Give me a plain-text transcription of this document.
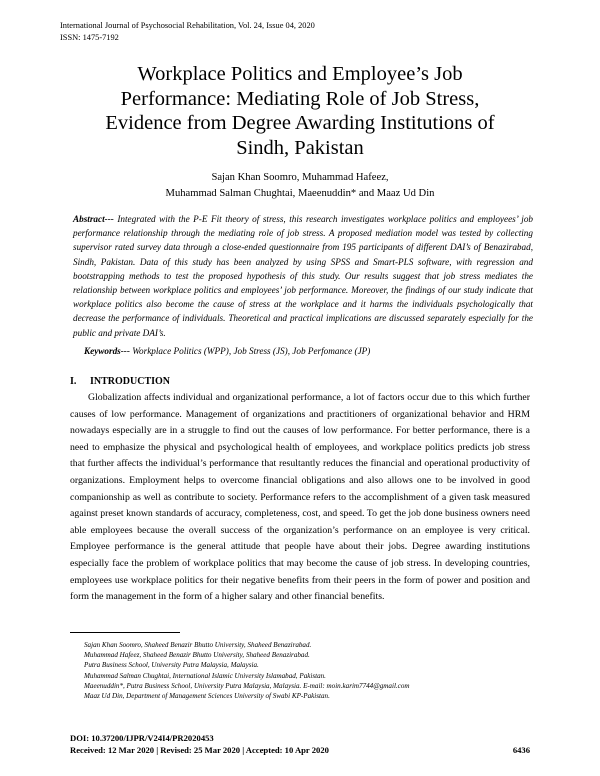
International Journal of Psychosocial Rehabilitation, Vol. 24, Issue 04, 2020
ISSN: 1475-7192
Workplace Politics and Employee’s Job
Performance: Mediating Role of Job Stress,
Evidence from Degree Awarding Institutions of
Sindh, Pakistan
Sajan Khan Soomro, Muhammad Hafeez,
Muhammad Salman Chughtai, Maeenuddin* and Maaz Ud Din
Abstract--- Integrated with the P-E Fit theory of stress, this research investigates workplace politics and employees’ job performance relationship through the mediating role of job stress. A proposed mediation model was tested by collecting supervisor rated survey data through a close-ended questionnaire from 195 participants of different DAI’s of Benazirabad, Sindh, Pakistan. Data of this study has been analyzed by using SPSS and Smart-PLS software, with regression and bootstrapping methods to test the proposed hypothesis of this study. Our results suggest that job stress mediates the relationship between workplace politics and employees’ job performance. Moreover, the findings of our study indicate that workplace politics also become the cause of stress at the workplace and it harms the individuals psychologically that decrease the performance of individuals. Theoretical and practical implications are discussed separately especially for the public and private DAI’s.
Keywords--- Workplace Politics (WPP), Job Stress (JS), Job Perfomance (JP)
I. INTRODUCTION
Globalization affects individual and organizational performance, a lot of factors occur due to this which further causes of low performance. Management of organizations and practitioners of organizational behavior and HRM nowadays especially are in a struggle to find out the causes of low performance. For better performance, there is a need to emphasize the physical and psychological health of employees, and workplace politics predicts job stress that further affects the individual’s performance that resultantly reduces the financial and operational productivity of organizations. Employment helps to overcome financial obligations and also allows one to be involved in good companionship as well as contribute to society. Performance refers to the accomplishment of a given task measured against preset known standards of accuracy, completeness, cost, and speed. To get the job done business owners need able employees because the overall success of the organization’s performance on an employee is very critical. Employee performance is the general attitude that people have about their jobs. Degree awarding institutions especially face the problem of workplace politics that may become the cause of job stress. In developing countries, employees use workplace politics for their negative benefits from their peers in the form of power and position and form the management in the form of a higher salary and other financial benefits.
Sajan Khan Soomro, Shaheed Benazir Bhutto University, Shaheed Benazirabad.
Muhammad Hafeez, Shaheed Benazir Bhutto University, Shaheed Benazirabad.
Putra Business School, University Putra Malaysia, Malaysia.
Muhammad Salman Chughtai, International Islamic University Islamabad, Pakistan.
Maeenuddin*, Putra Business School, University Putra Malaysia, Malaysia. E-mail: moin.karim7744@gmail.com
Maaz Ud Din, Department of Management Sciences University of Swabi KP-Pakistan.
DOI: 10.37200/IJPR/V24I4/PR2020453
Received: 12 Mar 2020 | Revised: 25 Mar 2020 | Accepted: 10 Apr 2020	6436
